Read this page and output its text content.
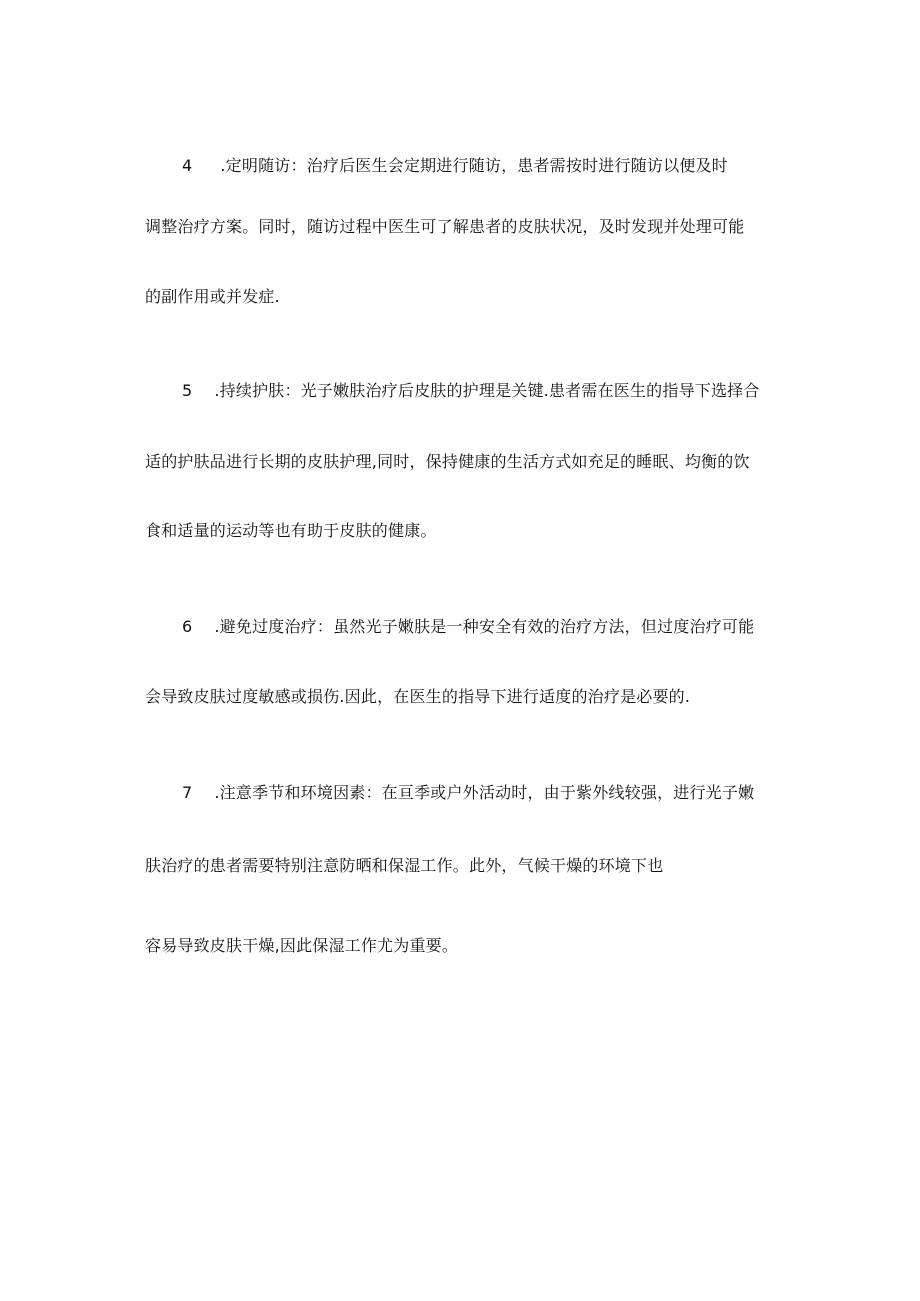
4 .定明随访：治疗后医生会定期进行随访，患者需按时进行随访以便及时
调整治疗方案。同时，随访过程中医生可了解患者的皮肤状况，及时发现并处理可能
的副作用或并发症.
5 .持续护肤：光子嫩肤治疗后皮肤的护理是关键.患者需在医生的指导下选择合
适的护肤品进行长期的皮肤护理,同时，保持健康的生活方式如充足的睡眠、均衡的饮
食和适量的运动等也有助于皮肤的健康。
6 .避免过度治疗：虽然光子嫩肤是一种安全有效的治疗方法，但过度治疗可能
会导致皮肤过度敏感或损伤.因此，在医生的指导下进行适度的治疗是必要的.
7 .注意季节和环境因素：在亘季或户外活动时，由于紫外线较强，进行光子嫩
肤治疗的患者需要特别注意防晒和保湿工作。此外，气候干燥的环境下也
容易导致皮肤干燥,因此保湿工作尤为重要。
